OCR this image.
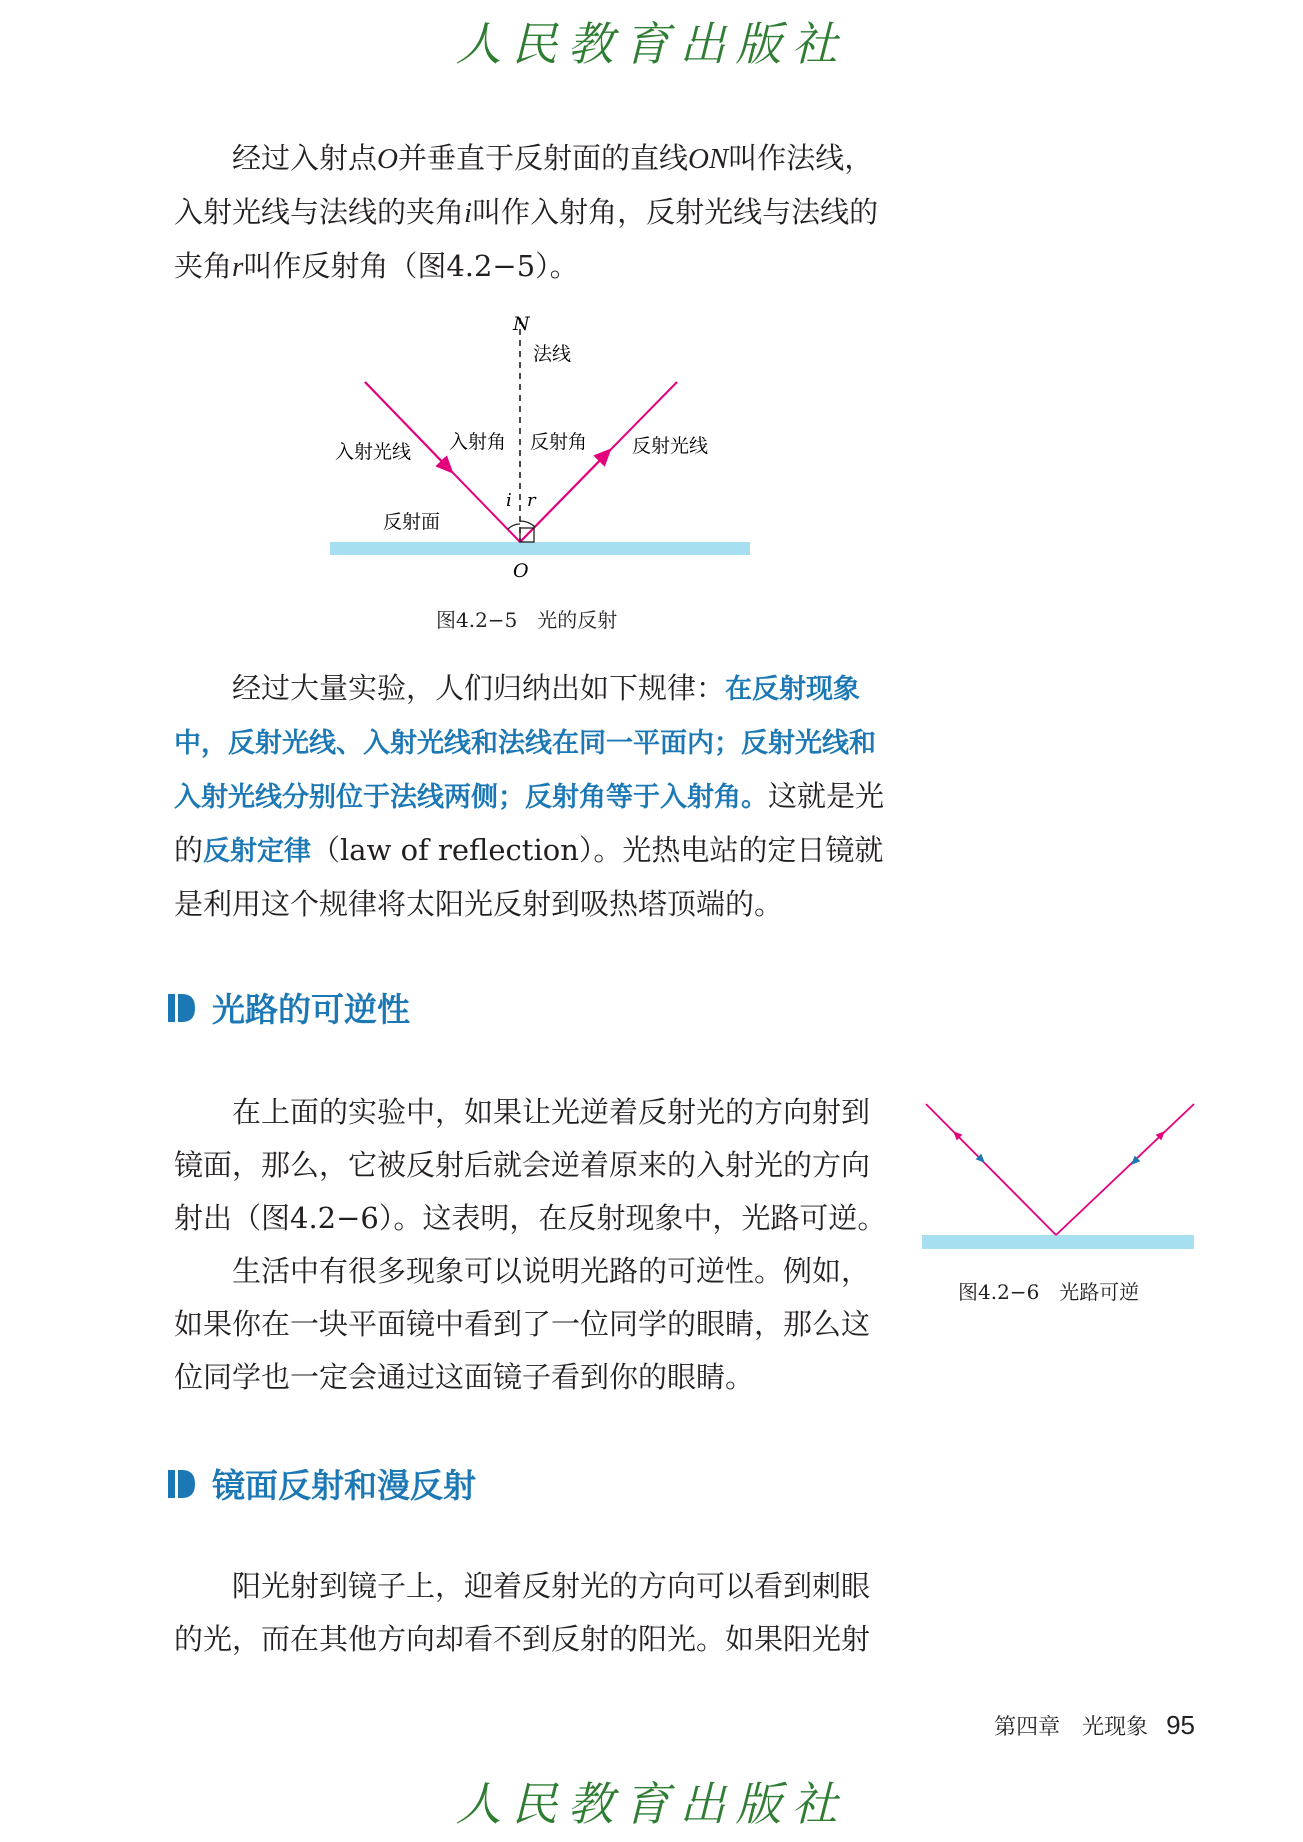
人民教育出版社

经过入射点O并垂直于反射面的直线ON叫作法线，入射光线与法线的夹角i叫作入射角，反射光线与法线的夹角r叫作反射角（图4.2−5）。

N
法线
入射光线 入射角 反射角 反射光线
i r
反射面
O
图4.2−5　光的反射

经过大量实验，人们归纳出如下规律：在反射现象中，反射光线、入射光线和法线在同一平面内；反射光线和入射光线分别位于法线两侧；反射角等于入射角。这就是光的反射定律（law of reflection）。光热电站的定日镜就是利用这个规律将太阳光反射到吸热塔顶端的。

光路的可逆性

在上面的实验中，如果让光逆着反射光的方向射到镜面，那么，它被反射后就会逆着原来的入射光的方向射出（图4.2−6）。这表明，在反射现象中，光路可逆。

生活中有很多现象可以说明光路的可逆性。例如，如果你在一块平面镜中看到了一位同学的眼睛，那么这位同学也一定会通过这面镜子看到你的眼睛。

图4.2−6　光路可逆
镜面反射和漫反射

阳光射到镜子上，迎着反射光的方向可以看到刺眼的光，而在其他方向却看不到反射的阳光。如果阳光射

第四章　光现象 95
人民教育出版社
